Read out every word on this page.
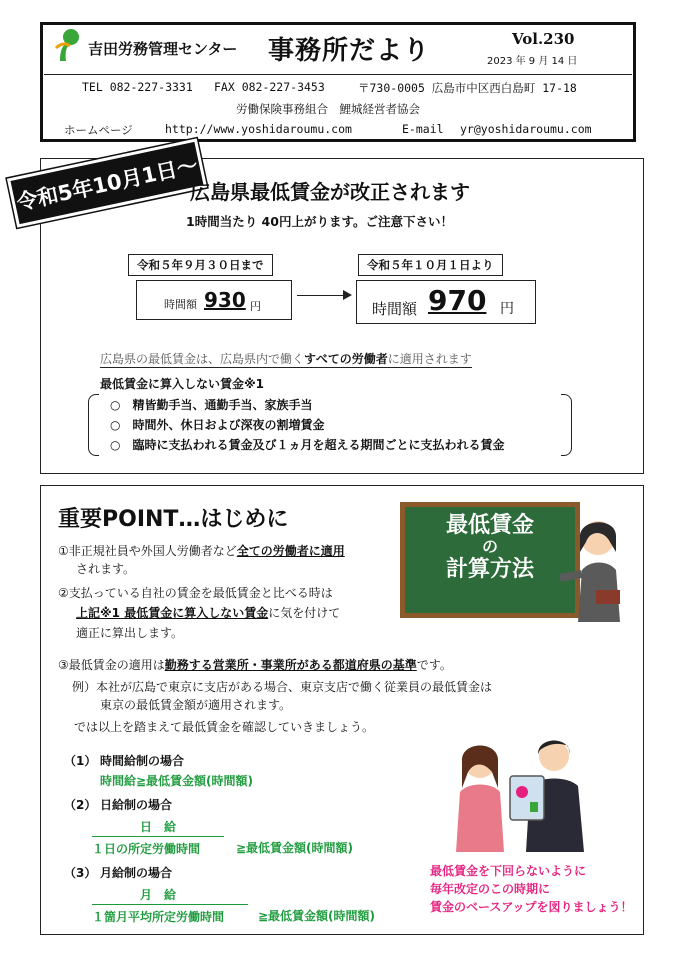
吉田労務管理センター 事務所だより	Vol.230
2023 年 9 月 14 日
TEL 082-227-3331 FAX 082-227-3453	〒730-0005 広島市中区西白島町 17-18
労働保険事務組合　鯉城経営者協会
ホームページ	http://www.yoshidaroumu.com	E-mail yr@yoshidaroumu.com
令和5年10月1日〜
広島県最低賃金が改正されます
1時間当たり 40円上がります。ご注意下さい！
令和５年９月３０日まで
時間額 930 円
令和５年１０月１日より
時間額 970 円
広島県の最低賃金は、広島県内で働くすべての労働者に適用されます
最低賃金に算入しない賃金※1
○　 精皆勤手当、通勤手当、家族手当
○　 時間外、休日および深夜の割増賃金
○　 臨時に支払われる賃金及び１ヵ月を超える期間ごとに支払われる賃金
重要POINT…はじめに	最低賃金
の
計算方法
①非正規社員や外国人労働者など全ての労働者に適用
されます。
②支払っている自社の賃金を最低賃金と比べる時は
上記※1 最低賃金に算入しない賃金に気を付けて
適正に算出します。
③最低賃金の適用は勤務する営業所・事業所がある都道府県の基準です。
例）本社が広島で東京に支店がある場合、東京支店で働く従業員の最低賃金は
東京の最低賃金額が適用されます。
では以上を踏まえて最低賃金を確認していきましょう。
（1） 時間給制の場合
時間給≧最低賃金額(時間額)
（2） 日給制の場合
日　給
１日の所定労働時間	≧最低賃金額(時間額)
（3） 月給制の場合
月　給
１箇月平均所定労働時間	≧最低賃金額(時間額)
最低賃金を下回らないように
毎年改定のこの時期に
賃金のベースアップを図りましょう！
